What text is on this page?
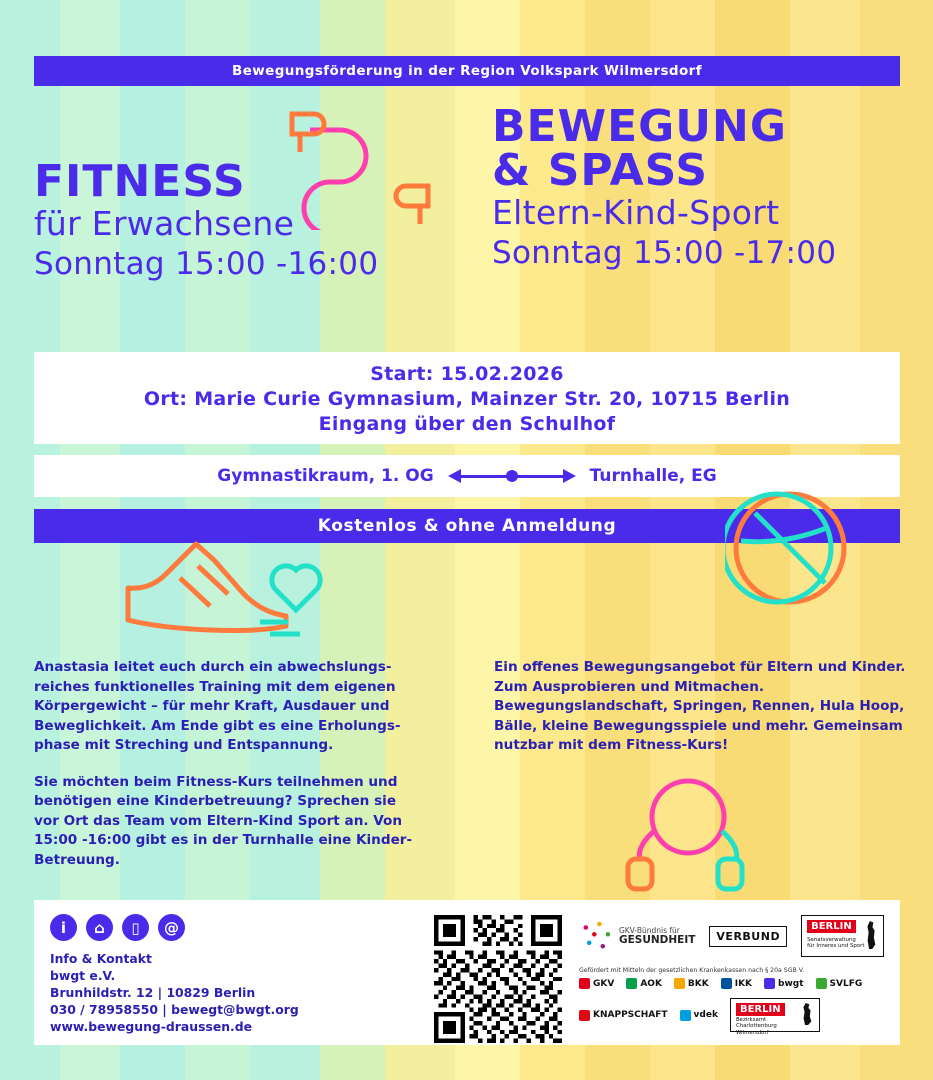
Bewegungsförderung in der Region Volkspark Wilmersdorf
FITNESS
für Erwachsene
Sonntag 15:00 -16:00
BEWEGUNG
& SPASS
Eltern-Kind-Sport
Sonntag 15:00 -17:00
Start: 15.02.2026
Ort: Marie Curie Gymnasium, Mainzer Str. 20, 10715 Berlin
Eingang über den Schulhof
Gymnastikraum, 1. OG	Turnhalle, EG
Kostenlos & ohne Anmeldung

Anastasia leitet euch durch ein abwechslungs-reiches funktionelles Training mit dem eigenen Körpergewicht – für mehr Kraft, Ausdauer und Beweglichkeit. Am Ende gibt es eine Erholungs-phase mit Streching und Entspannung.

Sie möchten beim Fitness-Kurs teilnehmen und benötigen eine Kinderbetreuung? Sprechen sie vor Ort das Team vom Eltern-Kind Sport an. Von 15:00 -16:00 gibt es in der Turnhalle eine Kinder-Betreuung.

Ein offenes Bewegungsangebot für Eltern und Kinder. Zum Ausprobieren und Mitmachen. Bewegungslandschaft, Springen, Rennen, Hula Hoop, Bälle, kleine Bewegungsspiele und mehr. Gemeinsam nutzbar mit dem Fitness-Kurs!

i	⌂	▯	@
Info & Kontakt
bwgt e.V.
Brunhildstr. 12 | 10829 Berlin
030 / 78958550 | bewegt@bwgt.org
www.bewegung-draussen.de
GKV-Bündnis für
GESUNDHEIT	VERBUND
BERLIN
Senatsverwaltung
für Inneres und Sport
Gefördert mit Mitteln der gesetzlichen Krankenkassen nach § 20a SGB V.
GKV	AOK	BKK	IKK	bwgt	SVLFG
KNAPPSCHAFT	vdek	BERLIN
Bezirksamt
Charlottenburg
Wilmersdorf
